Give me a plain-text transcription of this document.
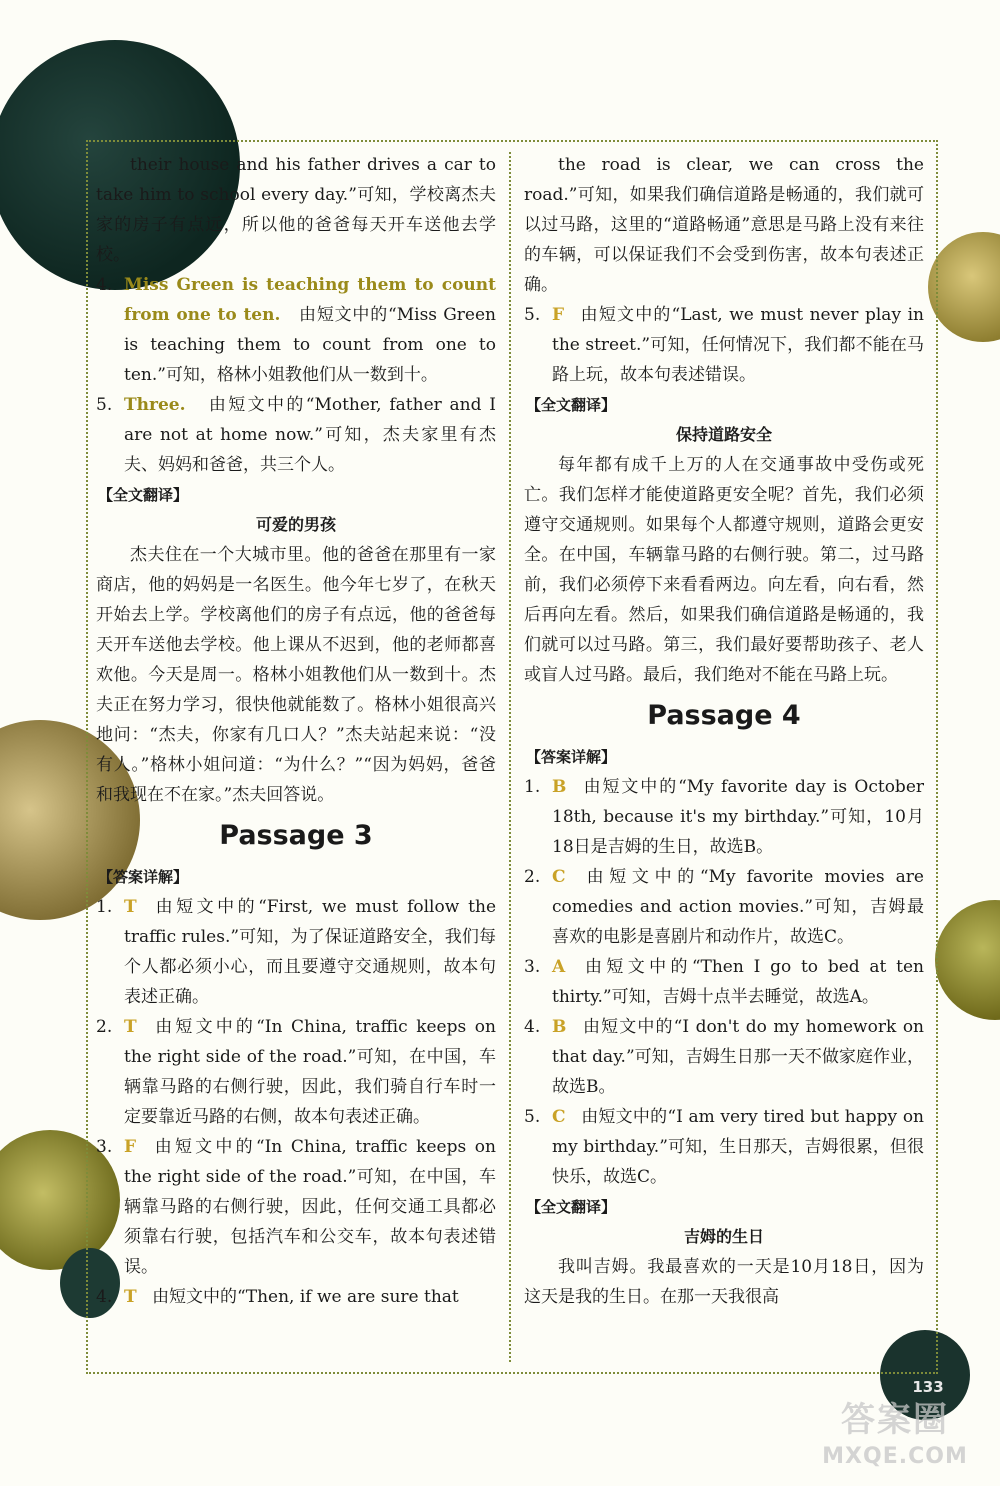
their house and his father drives a car to take him to school every day.”可知，学校离杰夫家的房子有点远，所以他的爸爸每天开车送他去学校。

4. Miss Green is teaching them to count from one to ten. 由短文中的“Miss Green is teaching them to count from one to ten.”可知，格林小姐教他们从一数到十。

5. Three. 由短文中的“Mother, father and I are not at home now.”可知，杰夫家里有杰夫、妈妈和爸爸，共三个人。

【全文翻译】
可爱的男孩

杰夫住在一个大城市里。他的爸爸在那里有一家商店，他的妈妈是一名医生。他今年七岁了，在秋天开始去上学。学校离他们的房子有点远，他的爸爸每天开车送他去学校。他上课从不迟到，他的老师都喜欢他。今天是周一。格林小姐教他们从一数到十。杰夫正在努力学习，很快他就能数了。格林小姐很高兴地问：“杰夫，你家有几口人？”杰夫站起来说：“没有人。”格林小姐问道：“为什么？”“因为妈妈，爸爸和我现在不在家。”杰夫回答说。

Passage 3
【答案详解】
1. T 由短文中的“First, we must follow the traffic rules.”可知，为了保证道路安全，我们每个人都必须小心，而且要遵守交通规则，故本句表述正确。

2. T 由短文中的“In China, traffic keeps on the right side of the road.”可知，在中国，车辆靠马路的右侧行驶，因此，我们骑自行车时一定要靠近马路的右侧，故本句表述正确。

3. F 由短文中的“In China, traffic keeps on the right side of the road.”可知，在中国，车辆靠马路的右侧行驶，因此，任何交通工具都必须靠右行驶，包括汽车和公交车，故本句表述错误。

4. T 由短文中的“Then, if we are sure that

the road is clear, we can cross the road.”可知，如果我们确信道路是畅通的，我们就可以过马路，这里的“道路畅通”意思是马路上没有来往的车辆，可以保证我们不会受到伤害，故本句表述正确。

5. F 由短文中的“Last, we must never play in the street.”可知，任何情况下，我们都不能在马路上玩，故本句表述错误。

【全文翻译】
保持道路安全

每年都有成千上万的人在交通事故中受伤或死亡。我们怎样才能使道路更安全呢？首先，我们必须遵守交通规则。如果每个人都遵守规则，道路会更安全。在中国，车辆靠马路的右侧行驶。第二，过马路前，我们必须停下来看看两边。向左看，向右看，然后再向左看。然后，如果我们确信道路是畅通的，我们就可以过马路。第三，我们最好要帮助孩子、老人或盲人过马路。最后，我们绝对不能在马路上玩。

Passage 4
【答案详解】
1. B 由短文中的“My favorite day is October 18th, because it's my birthday.”可知，10月18日是吉姆的生日，故选B。

2. C 由短文中的“My favorite movies are comedies and action movies.”可知，吉姆最喜欢的电影是喜剧片和动作片，故选C。

3. A 由短文中的“Then I go to bed at ten thirty.”可知，吉姆十点半去睡觉，故选A。

4. B 由短文中的“I don't do my homework on that day.”可知，吉姆生日那一天不做家庭作业，故选B。

5. C 由短文中的“I am very tired but happy on my birthday.”可知，生日那天，吉姆很累，但很快乐，故选C。

【全文翻译】
吉姆的生日

我叫吉姆。我最喜欢的一天是10月18日，因为这天是我的生日。在那一天我很高

133
答案圈
MXQE.COM
